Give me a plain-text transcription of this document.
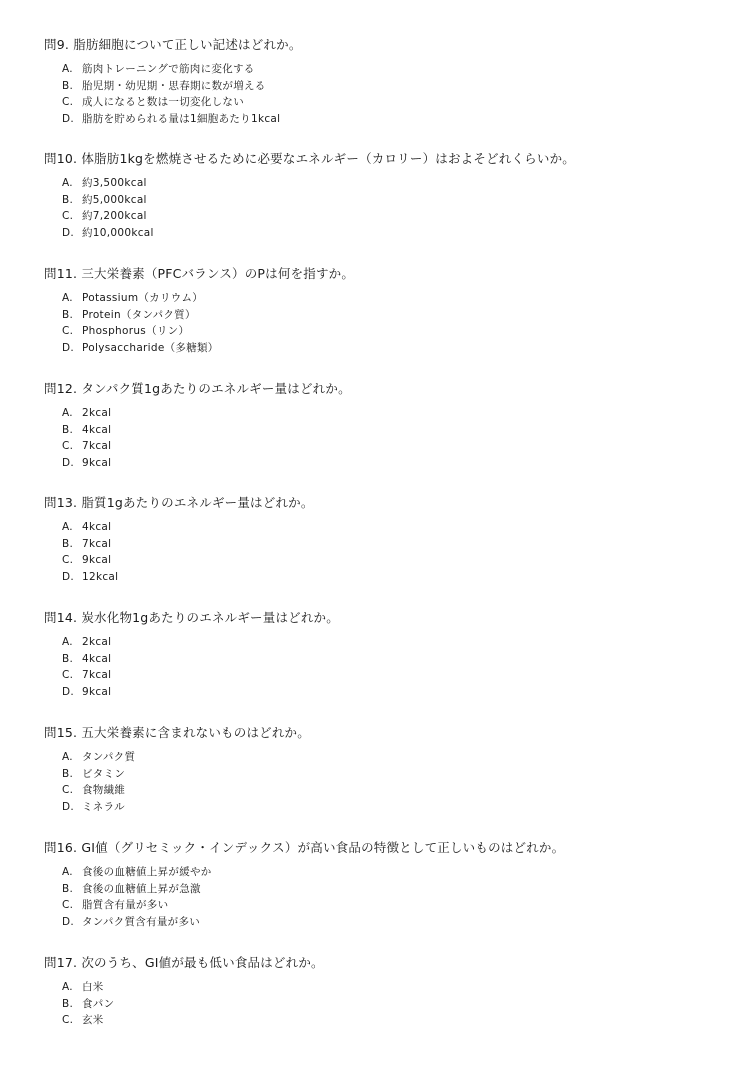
問9. 脂肪細胞について正しい記述はどれか。

A. 筋肉トレーニングで筋肉に変化する
B. 胎児期・幼児期・思春期に数が増える
C. 成人になると数は一切変化しない
D. 脂肪を貯められる量は1細胞あたり1kcal

問10. 体脂肪1kgを燃焼させるために必要なエネルギー（カロリー）はおよそどれくらいか。

A. 約3,500kcal
B. 約5,000kcal
C. 約7,200kcal
D. 約10,000kcal

問11. 三大栄養素（PFCバランス）のPは何を指すか。

A. Potassium（カリウム）
B. Protein（タンパク質）
C. Phosphorus（リン）
D. Polysaccharide（多糖類）

問12. タンパク質1gあたりのエネルギー量はどれか。

A. 2kcal
B. 4kcal
C. 7kcal
D. 9kcal

問13. 脂質1gあたりのエネルギー量はどれか。

A. 4kcal
B. 7kcal
C. 9kcal
D. 12kcal

問14. 炭水化物1gあたりのエネルギー量はどれか。

A. 2kcal
B. 4kcal
C. 7kcal
D. 9kcal

問15. 五大栄養素に含まれないものはどれか。

A. タンパク質
B. ビタミン
C. 食物繊維
D. ミネラル

問16. GI値（グリセミック・インデックス）が高い食品の特徴として正しいものはどれか。

A. 食後の血糖値上昇が緩やか
B. 食後の血糖値上昇が急激
C. 脂質含有量が多い
D. タンパク質含有量が多い

問17. 次のうち、GI値が最も低い食品はどれか。

A. 白米
B. 食パン
C. 玄米
